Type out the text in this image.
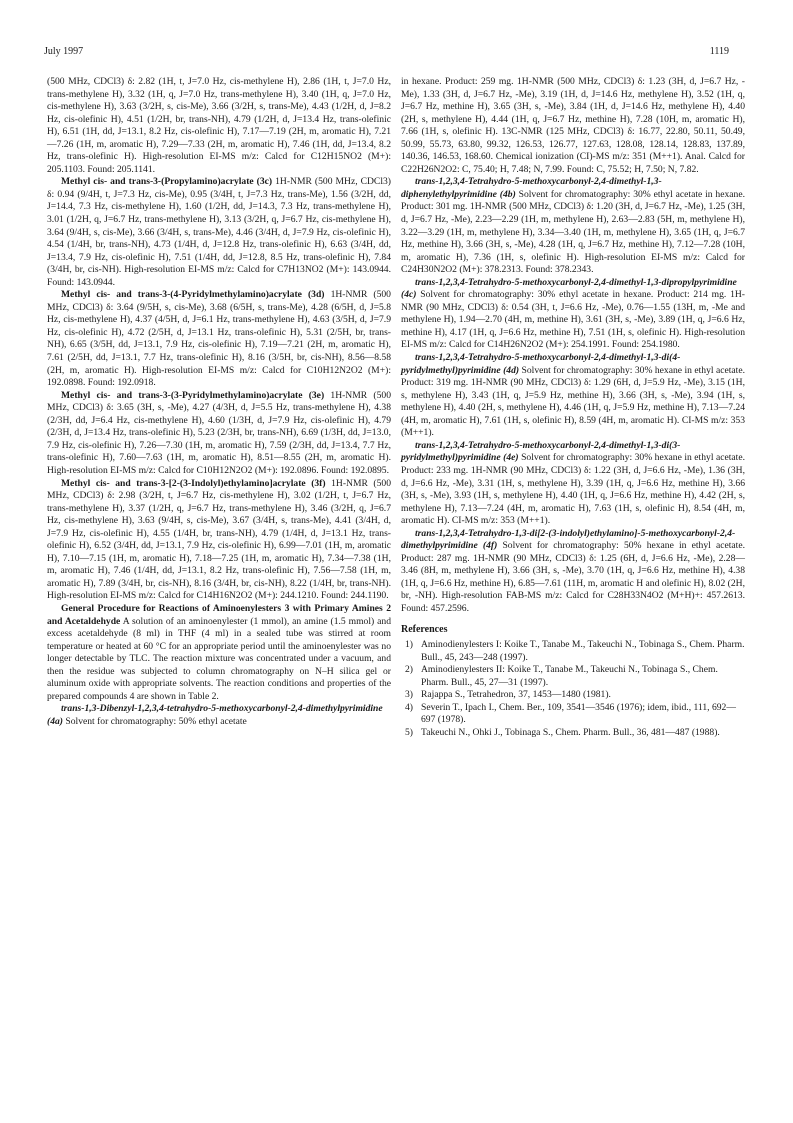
July 1997	1119

(500 MHz, CDCl3) δ: 2.82 (1H, t, J=7.0 Hz, cis-methylene H), 2.86 (1H, t, J=7.0 Hz, trans-methylene H), 3.32 (1H, q, J=7.0 Hz, trans-methylene H), 3.40 (1H, q, J=7.0 Hz, cis-methylene H), 3.63 (3/2H, s, cis-Me), 3.66 (3/2H, s, trans-Me), 4.43 (1/2H, d, J=8.2 Hz, cis-olefinic H), 4.51 (1/2H, br, trans-NH), 4.79 (1/2H, d, J=13.4 Hz, trans-olefinic H), 6.51 (1H, dd, J=13.1, 8.2 Hz, cis-olefinic H), 7.17—7.19 (2H, m, aromatic H), 7.21—7.26 (1H, m, aromatic H), 7.29—7.33 (2H, m, aromatic H), 7.46 (1H, dd, J=13.4, 8.2 Hz, trans-olefinic H). High-resolution EI-MS m/z: Calcd for C12H15NO2 (M+): 205.1103. Found: 205.1141.

Methyl cis- and trans-3-(Propylamino)acrylate (3c) 1H-NMR (500 MHz, CDCl3) δ: 0.94 (9/4H, t, J=7.3 Hz, cis-Me), 0.95 (3/4H, t, J=7.3 Hz, trans-Me), 1.56 (3/2H, dd, J=14.4, 7.3 Hz, cis-methylene H), 1.60 (1/2H, dd, J=14.3, 7.3 Hz, trans-methylene H), 3.01 (1/2H, q, J=6.7 Hz, trans-methylene H), 3.13 (3/2H, q, J=6.7 Hz, cis-methylene H), 3.64 (9/4H, s, cis-Me), 3.66 (3/4H, s, trans-Me), 4.46 (3/4H, d, J=7.9 Hz, cis-olefinic H), 4.54 (1/4H, br, trans-NH), 4.73 (1/4H, d, J=12.8 Hz, trans-olefinic H), 6.63 (3/4H, dd, J=13.4, 7.9 Hz, cis-olefinic H), 7.51 (1/4H, dd, J=12.8, 8.5 Hz, trans-olefinic H), 7.84 (3/4H, br, cis-NH). High-resolution EI-MS m/z: Calcd for C7H13NO2 (M+): 143.0944. Found: 143.0944.

Methyl cis- and trans-3-(4-Pyridylmethylamino)acrylate (3d) 1H-NMR (500 MHz, CDCl3) δ: 3.64 (9/5H, s, cis-Me), 3.68 (6/5H, s, trans-Me), 4.28 (6/5H, d, J=5.8 Hz, cis-methylene H), 4.37 (4/5H, d, J=6.1 Hz, trans-methylene H), 4.63 (3/5H, d, J=7.9 Hz, cis-olefinic H), 4.72 (2/5H, d, J=13.1 Hz, trans-olefinic H), 5.31 (2/5H, br, trans-NH), 6.65 (3/5H, dd, J=13.1, 7.9 Hz, cis-olefinic H), 7.19—7.21 (2H, m, aromatic H), 7.61 (2/5H, dd, J=13.1, 7.7 Hz, trans-olefinic H), 8.16 (3/5H, br, cis-NH), 8.56—8.58 (2H, m, aromatic H). High-resolution EI-MS m/z: Calcd for C10H12N2O2 (M+): 192.0898. Found: 192.0918.

Methyl cis- and trans-3-(3-Pyridylmethylamino)acrylate (3e) 1H-NMR (500 MHz, CDCl3) δ: 3.65 (3H, s, -Me), 4.27 (4/3H, d, J=5.5 Hz, trans-methylene H), 4.38 (2/3H, dd, J=6.4 Hz, cis-methylene H), 4.60 (1/3H, d, J=7.9 Hz, cis-olefinic H), 4.79 (2/3H, d, J=13.4 Hz, trans-olefinic H), 5.23 (2/3H, br, trans-NH), 6.69 (1/3H, dd, J=13.0, 7.9 Hz, cis-olefinic H), 7.26—7.30 (1H, m, aromatic H), 7.59 (2/3H, dd, J=13.4, 7.7 Hz, trans-olefinic H), 7.60—7.63 (1H, m, aromatic H), 8.51—8.55 (2H, m, aromatic H). High-resolution EI-MS m/z: Calcd for C10H12N2O2 (M+): 192.0896. Found: 192.0895.

Methyl cis- and trans-3-[2-(3-Indolyl)ethylamino]acrylate (3f) 1H-NMR (500 MHz, CDCl3) δ: 2.98 (3/2H, t, J=6.7 Hz, cis-methylene H), 3.02 (1/2H, t, J=6.7 Hz, trans-methylene H), 3.37 (1/2H, q, J=6.7 Hz, trans-methylene H), 3.46 (3/2H, q, J=6.7 Hz, cis-methylene H), 3.63 (9/4H, s, cis-Me), 3.67 (3/4H, s, trans-Me), 4.41 (3/4H, d, J=7.9 Hz, cis-olefinic H), 4.55 (1/4H, br, trans-NH), 4.79 (1/4H, d, J=13.1 Hz, trans-olefinic H), 6.52 (3/4H, dd, J=13.1, 7.9 Hz, cis-olefinic H), 6.99—7.01 (1H, m, aromatic H), 7.10—7.15 (1H, m, aromatic H), 7.18—7.25 (1H, m, aromatic H), 7.34—7.38 (1H, m, aromatic H), 7.46 (1/4H, dd, J=13.1, 8.2 Hz, trans-olefinic H), 7.56—7.58 (1H, m, aromatic H), 7.89 (3/4H, br, cis-NH), 8.16 (3/4H, br, cis-NH), 8.22 (1/4H, br, trans-NH). High-resolution EI-MS m/z: Calcd for C14H16N2O2 (M+): 244.1210. Found: 244.1190.

General Procedure for Reactions of Aminoenylesters 3 with Primary Amines 2 and Acetaldehyde A solution of an aminoenylester (1 mmol), an amine (1.5 mmol) and excess acetaldehyde (8 ml) in THF (4 ml) in a sealed tube was stirred at room temperature or heated at 60 °C for an appropriate period until the aminoenylester was no longer detectable by TLC. The reaction mixture was concentrated under a vacuum, and then the residue was subjected to column chromatography on N–H silica gel or aluminum oxide with appropriate solvents. The reaction conditions and properties of the prepared compounds 4 are shown in Table 2.

trans-1,3-Dibenzyl-1,2,3,4-tetrahydro-5-methoxycarbonyl-2,4-dimethylpyrimidine (4a) Solvent for chromatography: 50% ethyl acetate

in hexane. Product: 259 mg. 1H-NMR (500 MHz, CDCl3) δ: 1.23 (3H, d, J=6.7 Hz, -Me), 1.33 (3H, d, J=6.7 Hz, -Me), 3.19 (1H, d, J=14.6 Hz, methylene H), 3.52 (1H, q, J=6.7 Hz, methine H), 3.65 (3H, s, -Me), 3.84 (1H, d, J=14.6 Hz, methylene H), 4.40 (2H, s, methylene H), 4.44 (1H, q, J=6.7 Hz, methine H), 7.28 (10H, m, aromatic H), 7.66 (1H, s, olefinic H). 13C-NMR (125 MHz, CDCl3) δ: 16.77, 22.80, 50.11, 50.49, 50.99, 55.73, 63.80, 99.32, 126.53, 126.77, 127.63, 128.08, 128.14, 128.83, 137.89, 140.36, 146.53, 168.60. Chemical ionization (CI)-MS m/z: 351 (M++1). Anal. Calcd for C22H26N2O2: C, 75.40; H, 7.48; N, 7.99. Found: C, 75.52; H, 7.50; N, 7.82.

trans-1,2,3,4-Tetrahydro-5-methoxycarbonyl-2,4-dimethyl-1,3-diphenylethylpyrimidine (4b) Solvent for chromatography: 30% ethyl acetate in hexane. Product: 301 mg. 1H-NMR (500 MHz, CDCl3) δ: 1.20 (3H, d, J=6.7 Hz, -Me), 1.25 (3H, d, J=6.7 Hz, -Me), 2.23—2.29 (1H, m, methylene H), 2.63—2.83 (5H, m, methylene H), 3.22—3.29 (1H, m, methylene H), 3.34—3.40 (1H, m, methylene H), 3.65 (1H, q, J=6.7 Hz, methine H), 3.66 (3H, s, -Me), 4.28 (1H, q, J=6.7 Hz, methine H), 7.12—7.28 (10H, m, aromatic H), 7.36 (1H, s, olefinic H). High-resolution EI-MS m/z: Calcd for C24H30N2O2 (M+): 378.2313. Found: 378.2343.

trans-1,2,3,4-Tetrahydro-5-methoxycarbonyl-2,4-dimethyl-1,3-dipropylpyrimidine (4c) Solvent for chromatography: 30% ethyl acetate in hexane. Product: 214 mg. 1H-NMR (90 MHz, CDCl3) δ: 0.54 (3H, t, J=6.6 Hz, -Me), 0.76—1.55 (13H, m, -Me and methylene H), 1.94—2.70 (4H, m, methine H), 3.61 (3H, s, -Me), 3.89 (1H, q, J=6.6 Hz, methine H), 4.17 (1H, q, J=6.6 Hz, methine H), 7.51 (1H, s, olefinic H). High-resolution EI-MS m/z: Calcd for C14H26N2O2 (M+): 254.1991. Found: 254.1980.

trans-1,2,3,4-Tetrahydro-5-methoxycarbonyl-2,4-dimethyl-1,3-di(4-pyridylmethyl)pyrimidine (4d) Solvent for chromatography: 30% hexane in ethyl acetate. Product: 319 mg. 1H-NMR (90 MHz, CDCl3) δ: 1.29 (6H, d, J=5.9 Hz, -Me), 3.15 (1H, s, methylene H), 3.43 (1H, q, J=5.9 Hz, methine H), 3.66 (3H, s, -Me), 3.94 (1H, s, methylene H), 4.40 (2H, s, methylene H), 4.46 (1H, q, J=5.9 Hz, methine H), 7.13—7.24 (4H, m, aromatic H), 7.61 (1H, s, olefinic H), 8.59 (4H, m, aromatic H). CI-MS m/z: 353 (M++1).

trans-1,2,3,4-Tetrahydro-5-methoxycarbonyl-2,4-dimethyl-1,3-di(3-pyridylmethyl)pyrimidine (4e) Solvent for chromatography: 30% hexane in ethyl acetate. Product: 233 mg. 1H-NMR (90 MHz, CDCl3) δ: 1.22 (3H, d, J=6.6 Hz, -Me), 1.36 (3H, d, J=6.6 Hz, -Me), 3.31 (1H, s, methylene H), 3.39 (1H, q, J=6.6 Hz, methine H), 3.66 (3H, s, -Me), 3.93 (1H, s, methylene H), 4.40 (1H, q, J=6.6 Hz, methine H), 4.42 (2H, s, methylene H), 7.13—7.24 (4H, m, aromatic H), 7.63 (1H, s, olefinic H), 8.54 (4H, m, aromatic H). CI-MS m/z: 353 (M++1).

trans-1,2,3,4-Tetrahydro-1,3-di[2-(3-indolyl)ethylamino]-5-methoxycarbonyl-2,4-dimethylpyrimidine (4f) Solvent for chromatography: 50% hexane in ethyl acetate. Product: 287 mg. 1H-NMR (90 MHz, CDCl3) δ: 1.25 (6H, d, J=6.6 Hz, -Me), 2.28—3.46 (8H, m, methylene H), 3.66 (3H, s, -Me), 3.70 (1H, q, J=6.6 Hz, methine H), 4.38 (1H, q, J=6.6 Hz, methine H), 6.85—7.61 (11H, m, aromatic H and olefinic H), 8.02 (2H, br, -NH). High-resolution FAB-MS m/z: Calcd for C28H33N4O2 (M+H)+: 457.2613. Found: 457.2596.

References
1) Aminodienylesters I: Koike T., Tanabe M., Takeuchi N., Tobinaga S., Chem. Pharm. Bull., 45, 243—248 (1997).
2) Aminodienylesters II: Koike T., Tanabe M., Takeuchi N., Tobinaga S., Chem. Pharm. Bull., 45, 27—31 (1997).
3) Rajappa S., Tetrahedron, 37, 1453—1480 (1981).
4) Severin T., Ipach I., Chem. Ber., 109, 3541—3546 (1976); idem, ibid., 111, 692—697 (1978).
5) Takeuchi N., Ohki J., Tobinaga S., Chem. Pharm. Bull., 36, 481—487 (1988).
